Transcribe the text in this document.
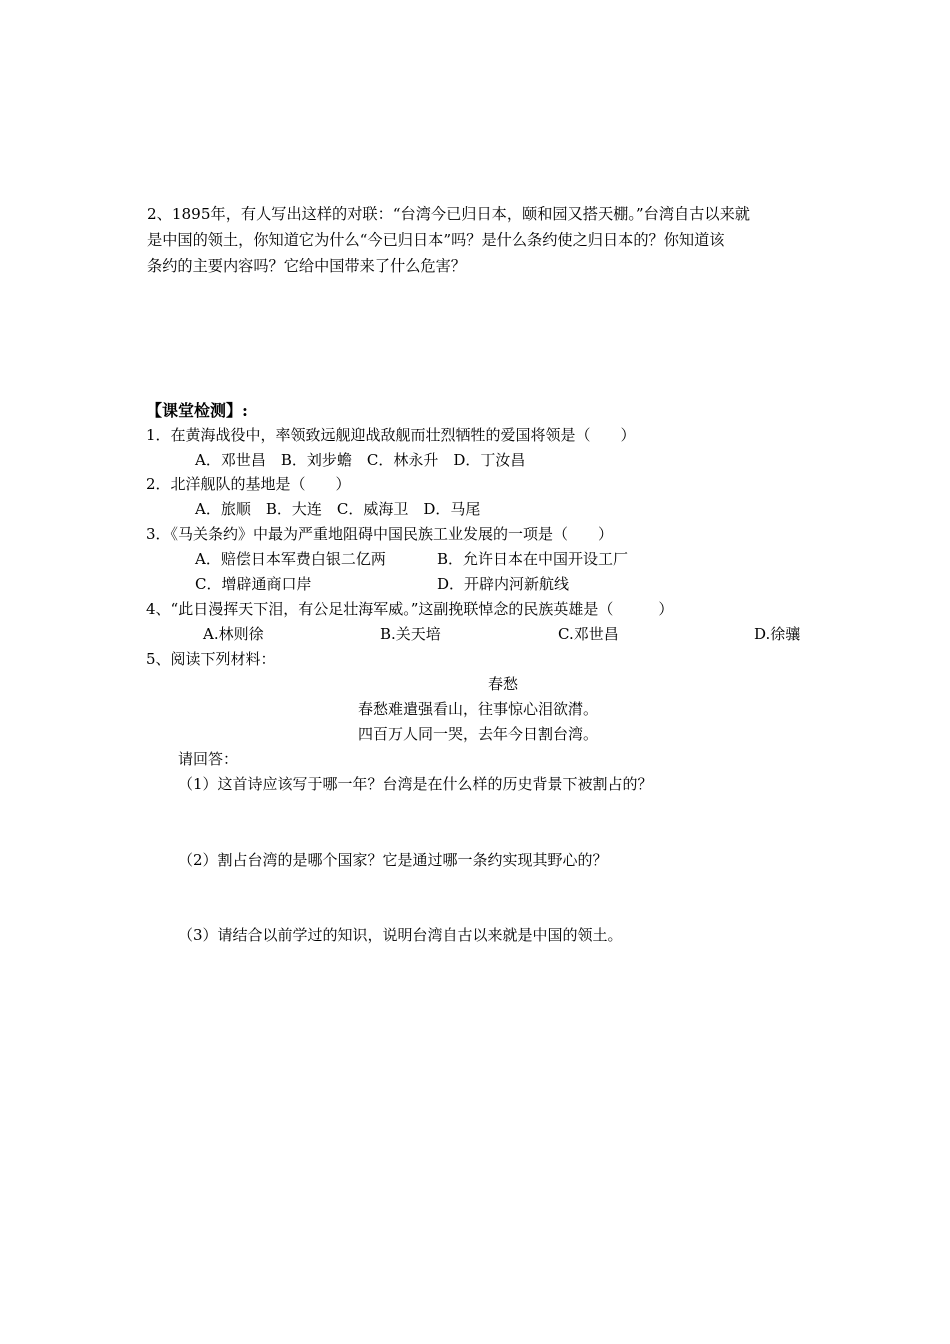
2、1895年，有人写出这样的对联：“台湾今已归日本，颐和园又搭天棚。”台湾自古以来就
是中国的领土，你知道它为什么“今已归日本”吗？是什么条约使之归日本的？你知道该
条约的主要内容吗？它给中国带来了什么危害？
【课堂检测】:
1．在黄海战役中，率领致远舰迎战敌舰而壮烈牺牲的爱国将领是（　　）
A．邓世昌　B．刘步蟾　C．林永升　D．丁汝昌
2．北洋舰队的基地是（　　）
A．旅顺　B．大连　C．威海卫　D．马尾
3．《马关条约》中最为严重地阻碍中国民族工业发展的一项是（　　）
A．赔偿日本军费白银二亿两	B．允许日本在中国开设工厂
C．增辟通商口岸	D．开辟内河新航线
4、“此日漫挥天下泪，有公足壮海军威。”这副挽联悼念的民族英雄是（　　　）
A.林则徐	B.关天培	C.邓世昌	D.徐骧
5、阅读下列材料：
春愁
春愁难遣强看山，往事惊心泪欲潸。
四百万人同一哭，去年今日割台湾。
请回答：
（1）这首诗应该写于哪一年？台湾是在什么样的历史背景下被割占的？
（2）割占台湾的是哪个国家？它是通过哪一条约实现其野心的？
（3）请结合以前学过的知识，说明台湾自古以来就是中国的领土。
